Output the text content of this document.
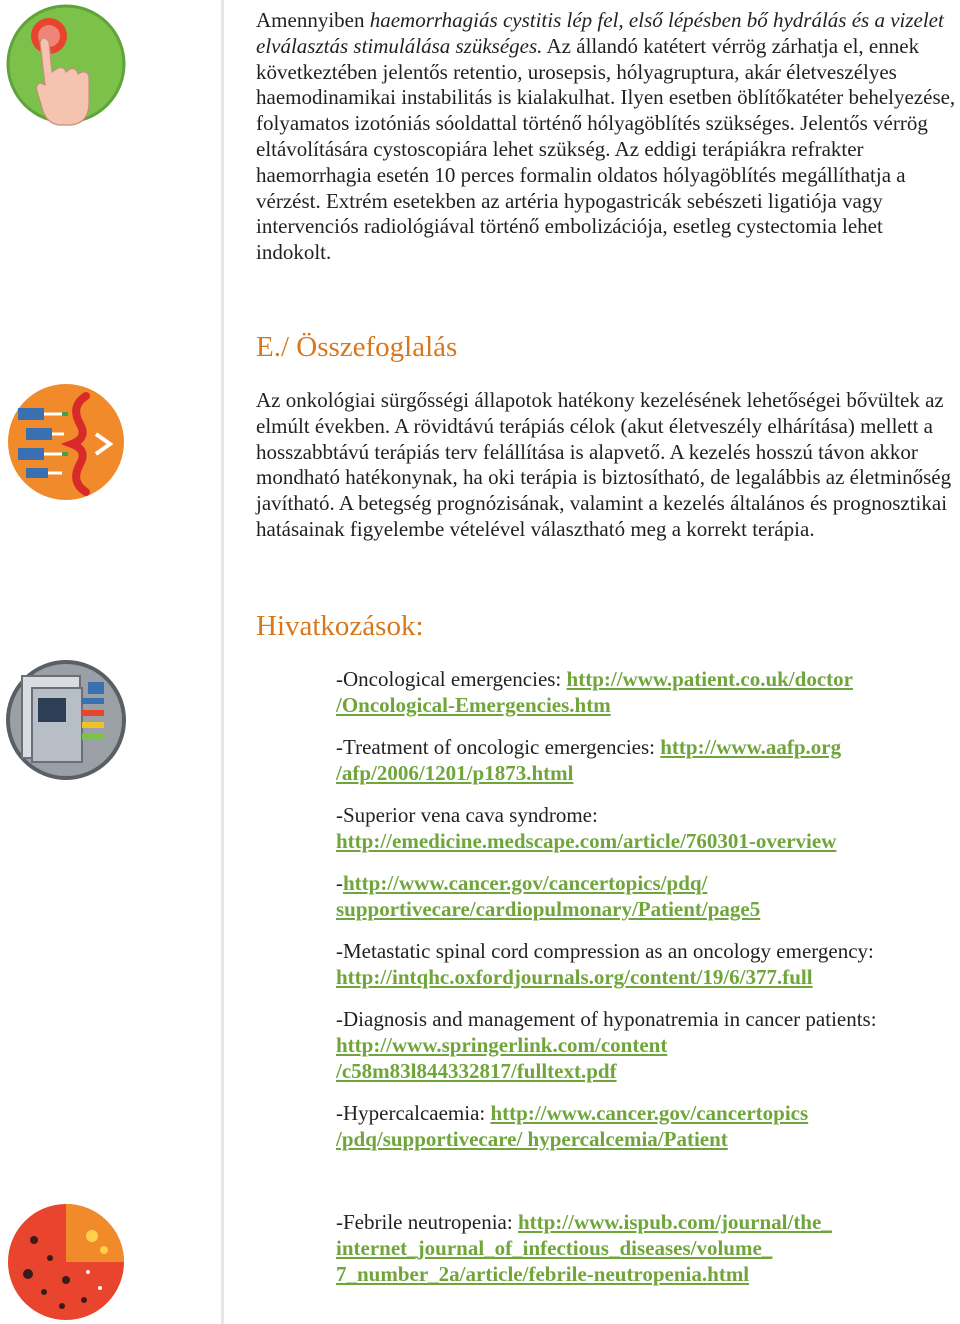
Amennyiben haemorrhagiás cystitis lép fel, első lépésben bő hydrálás és a vizelet elválasztás stimulálása szükséges. Az állandó katétert vérrög zárhatja el, ennek következtében jelentős retentio, urosepsis, hólyagruptura, akár életveszélyes haemodinamikai instabilitás is kialakulhat. Ilyen esetben öblítőkatéter behelyezése, folyamatos izotóniás sóoldattal történő hólyagöblítés szükséges. Jelentős vérrög eltávolítására cystoscopiára lehet szükség. Az eddigi terápiákra refrakter haemorrhagia esetén 10 perces formalin oldatos hólyagöblítés megállíthatja a vérzést. Extrém esetekben az artéria hypogastricák sebészeti ligatiója vagy intervenciós radiológiával történő embolizációja, esetleg cystectomia lehet indokolt.

E./ Összefoglalás

Az onkológiai sürgősségi állapotok hatékony kezelésének lehetőségei bővültek az elmúlt években. A rövidtávú terápiás célok (akut életveszély elhárítása) mellett a hosszabbtávú terápiás terv felállítása is alapvető. A kezelés hosszú távon akkor mondható hatékonynak, ha oki terápia is biztosítható, de legalábbis az életminőség javítható. A betegség prognózisának, valamint a kezelés általános és prognosztikai hatásainak figyelembe vételével választható meg a korrekt terápia.

Hivatkozások:

-Oncological emergencies: http://www.patient.co.uk/doctor /Oncological-Emergencies.htm

-Treatment of oncologic emergencies: http://www.aafp.org /afp/2006/1201/p1873.html

-Superior vena cava syndrome:
http://emedicine.medscape.com/article/760301-overview

-http://www.cancer.gov/cancertopics/pdq/ supportivecare/cardiopulmonary/Patient/page5

-Metastatic spinal cord compression as an oncology emergency:
http://intqhc.oxfordjournals.org/content/19/6/377.full

-Diagnosis and management of hyponatremia in cancer patients: http://www.springerlink.com/content /c58m83l844332817/fulltext.pdf

-Hypercalcaemia: http://www.cancer.gov/cancertopics /pdq/supportivecare/ hypercalcemia/Patient

-Febrile neutropenia: http://www.ispub.com/journal/the_ internet_journal_of_infectious_diseases/volume_ 7_number_2a/article/febrile-neutropenia.html
